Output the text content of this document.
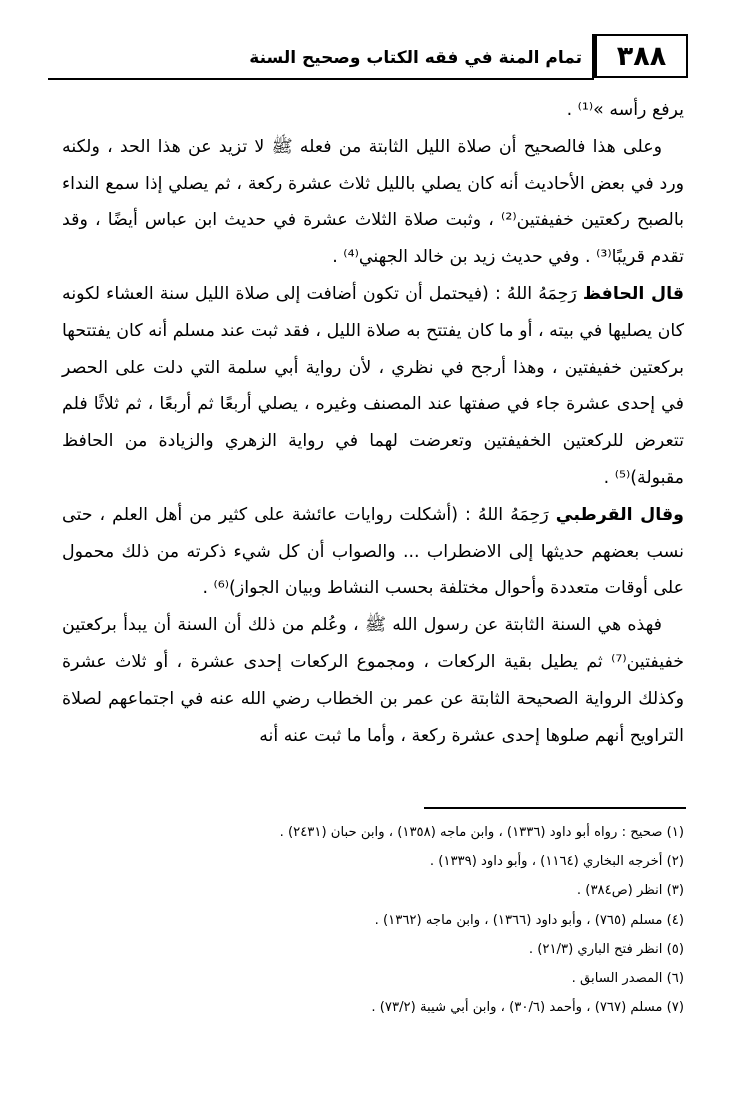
٣٨٨
تمام المنة في فقه الكتاب وصحيح السنة

يرفع رأسه »⁽¹⁾ .

وعلى هذا فالصحيح أن صلاة الليل الثابتة من فعله ﷺ لا تزيد عن هذا الحد ، ولكنه ورد في بعض الأحاديث أنه كان يصلي بالليل ثلاث عشرة ركعة ، ثم يصلي إذا سمع النداء بالصبح ركعتين خفيفتين⁽²⁾ ، وثبت صلاة الثلاث عشرة في حديث ابن عباس أيضًا ، وقد تقدم قريبًا⁽³⁾ . وفي حديث زيد بن خالد الجهني⁽⁴⁾ .

قال الحافظ رَحِمَهُ اللهُ : (فيحتمل أن تكون أضافت إلى صلاة الليل سنة العشاء لكونه كان يصليها في بيته ، أو ما كان يفتتح به صلاة الليل ، فقد ثبت عند مسلم أنه كان يفتتحها بركعتين خفيفتين ، وهذا أرجح في نظري ، لأن رواية أبي سلمة التي دلت على الحصر في إحدى عشرة جاء في صفتها عند المصنف وغيره ، يصلي أربعًا ثم أربعًا ، ثم ثلاثًا فلم تتعرض للركعتين الخفيفتين وتعرضت لهما في رواية الزهري والزيادة من الحافظ مقبولة)⁽⁵⁾ .

وقال القرطبي رَحِمَهُ اللهُ : (أشكلت روايات عائشة على كثير من أهل العلم ، حتى نسب بعضهم حديثها إلى الاضطراب ... والصواب أن كل شيء ذكرته من ذلك محمول على أوقات متعددة وأحوال مختلفة بحسب النشاط وبيان الجواز)⁽⁶⁾ .

فهذه هي السنة الثابتة عن رسول الله ﷺ ، وعُلم من ذلك أن السنة أن يبدأ بركعتين خفيفتين⁽⁷⁾ ثم يطيل بقية الركعات ، ومجموع الركعات إحدى عشرة ، أو ثلاث عشرة وكذلك الرواية الصحيحة الثابتة عن عمر بن الخطاب رضي الله عنه في اجتماعهم لصلاة التراويح أنهم صلوها إحدى عشرة ركعة ، وأما ما ثبت عنه أنه

(١) صحيح : رواه أبو داود (١٣٣٦) ، وابن ماجه (١٣٥٨) ، وابن حبان (٢٤٣١) .
(٢) أخرجه البخاري (١١٦٤) ، وأبو داود (١٣٣٩) .
(٣) انظر (ص٣٨٤) .
(٤) مسلم (٧٦٥) ، وأبو داود (١٣٦٦) ، وابن ماجه (١٣٦٢) .
(٥) انظر فتح الباري (٢١/٣) .
(٦) المصدر السابق .
(٧) مسلم (٧٦٧) ، وأحمد (٣٠/٦) ، وابن أبي شيبة (٧٣/٢) .
